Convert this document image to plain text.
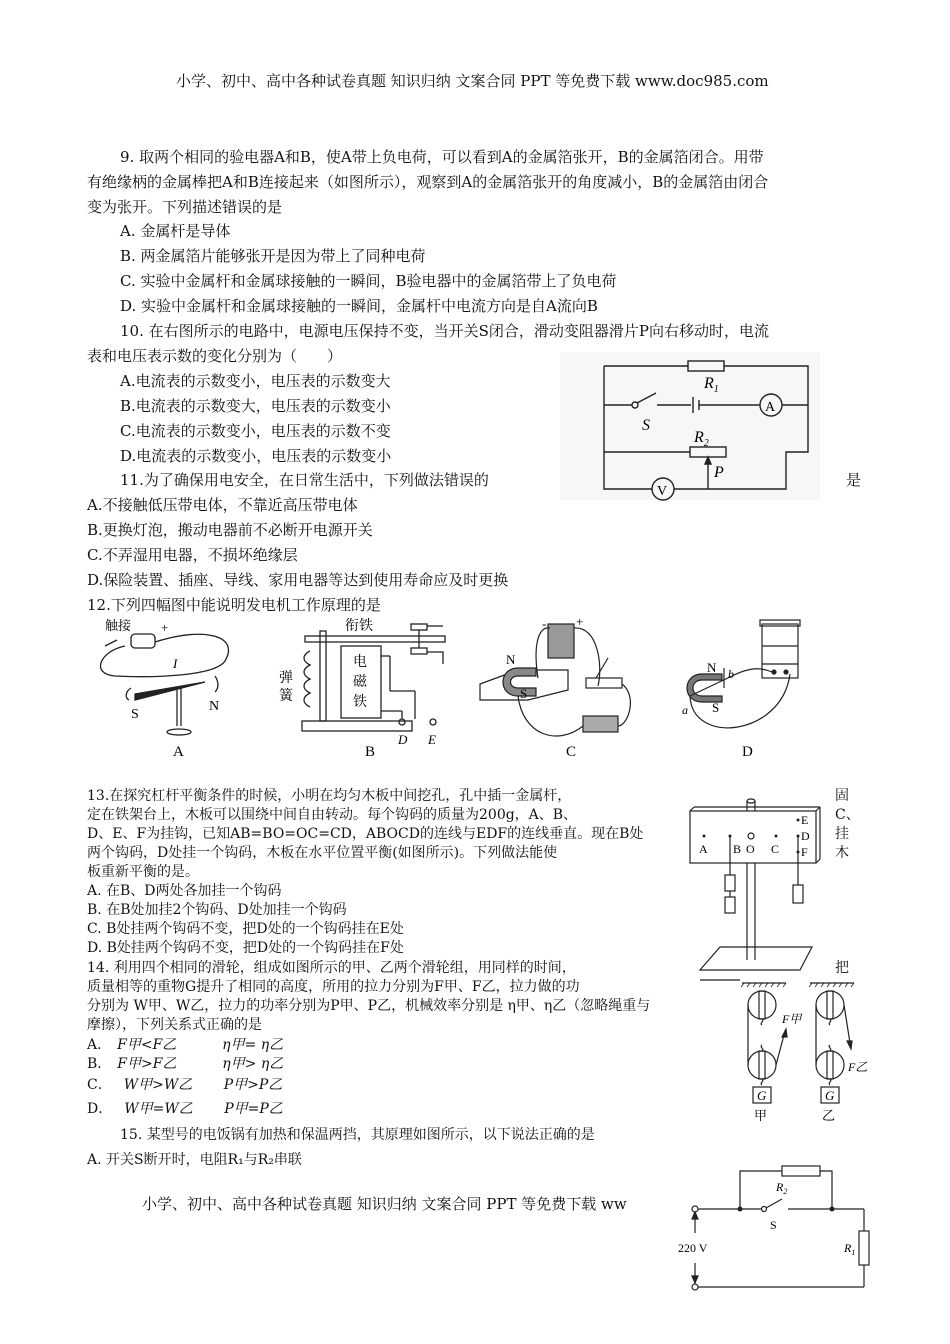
小学、初中、高中各种试卷真题 知识归纳 文案合同 PPT 等免费下载 www.doc985.com
9. 取两个相同的验电器A和B，使A带上负电荷，可以看到A的金属箔张开，B的金属箔闭合。用带
有绝缘柄的金属棒把A和B连接起来（如图所示），观察到A的金属箔张开的角度减小，B的金属箔由闭合
变为张开。下列描述错误的是
A. 金属杆是导体
B. 两金属箔片能够张开是因为带上了同种电荷
C. 实验中金属杆和金属球接触的一瞬间，B验电器中的金属箔带上了负电荷
D. 实验中金属杆和金属球接触的一瞬间，金属杆中电流方向是自A流向B
10. 在右图所示的电路中，电源电压保持不变，当开关S闭合，滑动变阻器滑片P向右移动时，电流
表和电压表示数的变化分别为（　　）
A.电流表的示数变小，电压表的示数变大
B.电流表的示数变大，电压表的示数变小
C.电流表的示数变小，电压表的示数不变
D.电流表的示数变小，电压表的示数变小
$R_1$
S
$R_2$
P
A
V
11.为了确保用电安全，在日常生活中，下列做法错误的	是
A.不接触低压带电体，不靠近高压带电体
B.更换灯泡，搬动电器前不必断开电源开关
C.不弄湿用电器，不损坏绝缘层
D.保险装置、插座、导线、家用电器等达到使用寿命应及时更换
12.下列四幅图中能说明发电机工作原理的是
触接 +
I
S
N
A
衔铁
弹
簧
电
磁
铁
D E
B
N
S
- +
C
N
S
a
b
D
13.在探究杠杆平衡条件的时候，小明在均匀木板中间挖孔，孔中插一金属杆，
定在铁架台上，木板可以围绕中间自由转动。每个钩码的质量为200g，A、B、
D、E、F为挂钩，已知AB=BO=OC=CD，ABOCD的连线与EDF的连线垂直。现在B处
两个钩码，D处挂一个钩码，木板在水平位置平衡(如图所示)。下列做法能使
板重新平衡的是。
固
C、
挂
木
A. 在B、D两处各加挂一个钩码
B. 在B处加挂2个钩码、D处加挂一个钩码
C. B处挂两个钩码不变，把D处的一个钩码挂在E处
D. B处挂两个钩码不变，把D处的一个钩码挂在F处
A B O C
D
E
F
14. 利用四个相同的滑轮，组成如图所示的甲、乙两个滑轮组，用同样的时间，	把
质量相等的重物G提升了相同的高度，所用的拉力分别为F甲、F乙，拉力做的功
分别为 W甲、W乙，拉力的功率分别为P甲、P乙，机械效率分别是 η甲、η乙（忽略绳重与
摩擦），下列关系式正确的是
A． F甲<F乙	η甲= η乙
B． F甲>F乙	η甲> η乙
C． W甲>W乙 P甲>P乙
D． W甲=W乙 P甲=P乙
G	G
甲	乙
F甲
F乙
15. 某型号的电饭锅有加热和保温两挡，其原理如图所示，以下说法正确的是
A. 开关S断开时，电阻R₁与R₂串联
$R_2$
S
220 V	$R_1$
小学、初中、高中各种试卷真题 知识归纳 文案合同 PPT 等免费下载 ww
